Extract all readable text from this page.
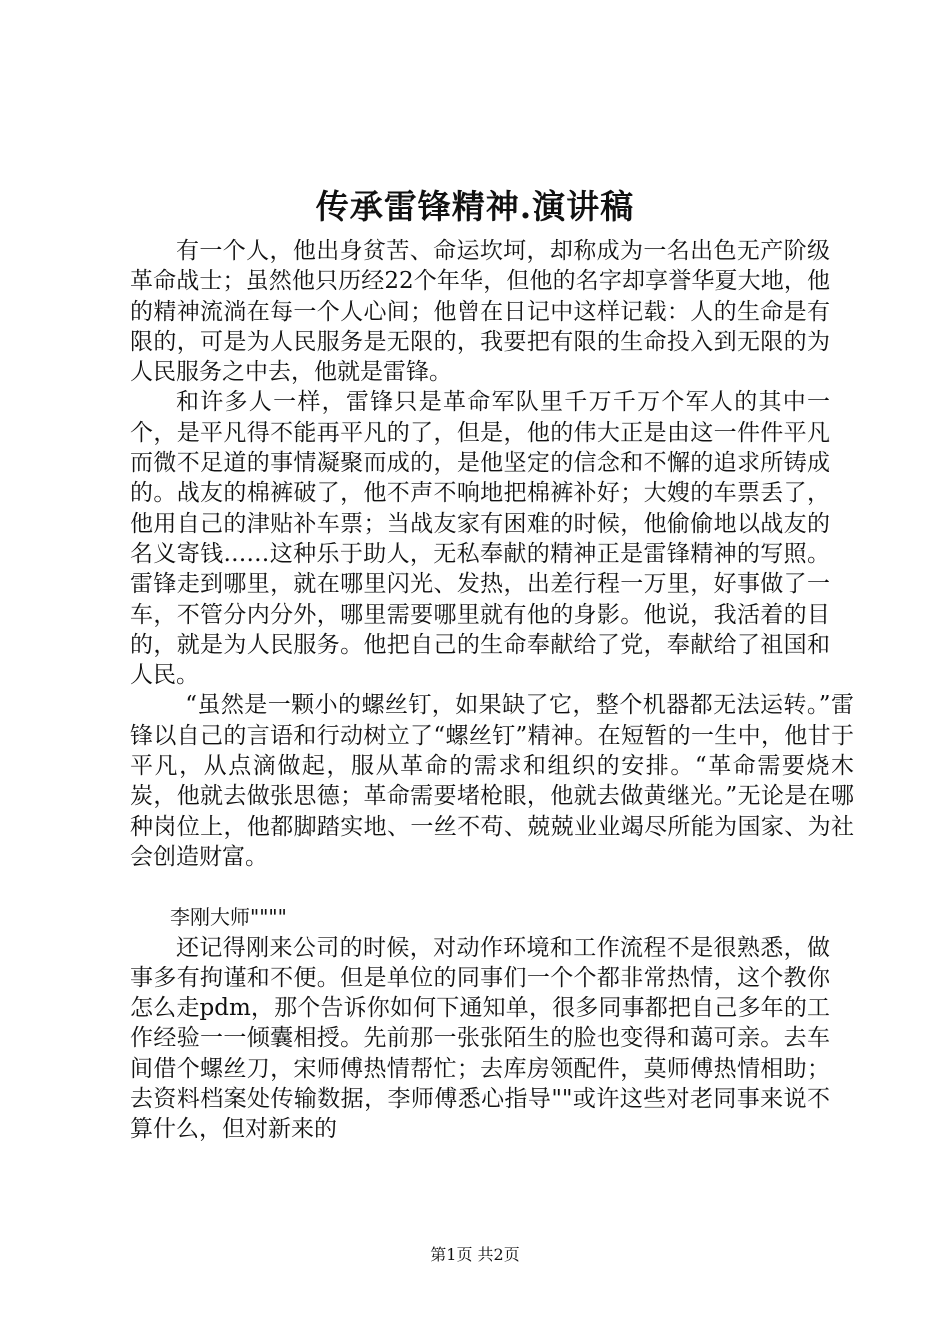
传承雷锋精神.演讲稿

有一个人，他出身贫苦、命运坎坷，却称成为一名出色无产阶级革命战士；虽然他只历经22个年华，但他的名字却享誉华夏大地，他的精神流淌在每一个人心间；他曾在日记中这样记载：人的生命是有限的，可是为人民服务是无限的，我要把有限的生命投入到无限的为人民服务之中去，他就是雷锋。

和许多人一样，雷锋只是革命军队里千万千万个军人的其中一个，是平凡得不能再平凡的了，但是，他的伟大正是由这一件件平凡而微不足道的事情凝聚而成的，是他坚定的信念和不懈的追求所铸成的。战友的棉裤破了，他不声不响地把棉裤补好；大嫂的车票丢了，他用自己的津贴补车票；当战友家有困难的时候，他偷偷地以战友的名义寄钱……这种乐于助人，无私奉献的精神正是雷锋精神的写照。雷锋走到哪里，就在哪里闪光、发热，出差行程一万里，好事做了一车，不管分内分外，哪里需要哪里就有他的身影。他说，我活着的目的，就是为人民服务。他把自己的生命奉献给了党，奉献给了祖国和人民。

“虽然是一颗小的螺丝钉，如果缺了它，整个机器都无法运转。”雷锋以自己的言语和行动树立了“螺丝钉”精神。在短暂的一生中，他甘于平凡，从点滴做起，服从革命的需求和组织的安排。“革命需要烧木炭，他就去做张思德；革命需要堵枪眼，他就去做黄继光。”无论是在哪种岗位上，他都脚踏实地、一丝不苟、兢兢业业竭尽所能为国家、为社会创造财富。

李刚大师""""

还记得刚来公司的时候，对动作环境和工作流程不是很熟悉，做事多有拘谨和不便。但是单位的同事们一个个都非常热情，这个教你怎么走pdm，那个告诉你如何下通知单，很多同事都把自己多年的工作经验一一倾囊相授。先前那一张张陌生的脸也变得和蔼可亲。去车间借个螺丝刀，宋师傅热情帮忙；去库房领配件，莫师傅热情相助；去资料档案处传输数据，李师傅悉心指导""或许这些对老同事来说不算什么，但对新来的

第1页 共2页
